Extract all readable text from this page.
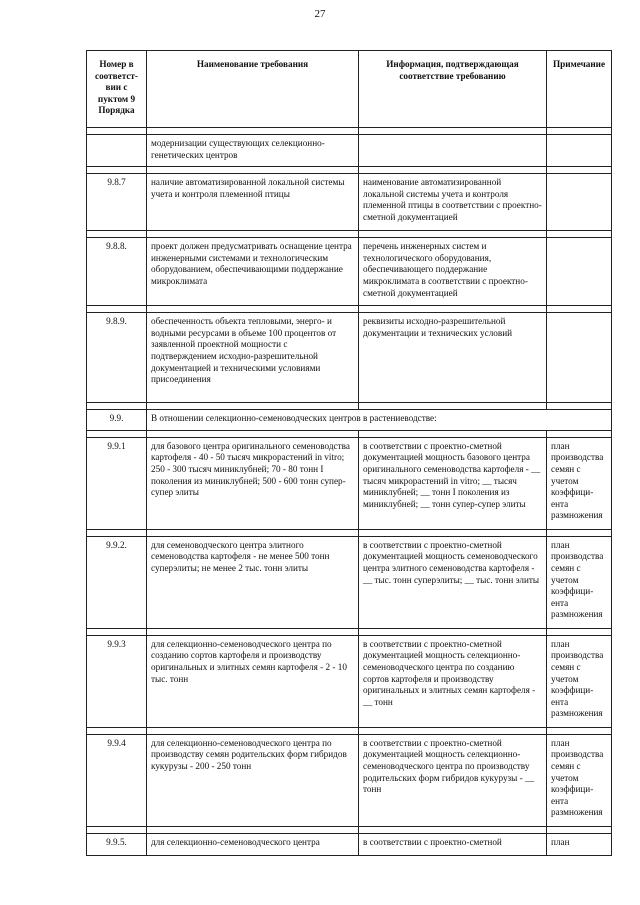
27
Номер в соответст-вии с пуктом 9 Порядка	Наименование требования	Информация, подтверждающая соответствие требованию	Примечание

	модернизации существующих селекционно-генетических центров		

9.8.7	наличие автоматизированной локальной системы учета и контроля племенной птицы	наименование автоматизированной локальной системы учета и контроля племенной птицы в соответствии с проектно-сметной документацией	

9.8.8.	проект должен предусматривать оснащение центра инженерными системами и технологическим оборудованием, обеспечивающими поддержание микроклимата	перечень инженерных систем и технологического оборудования, обеспечивающего поддержание микроклимата в соответствии с проектно-сметной документацией	

9.8.9.	обеспеченность объекта тепловыми, энерго- и водными ресурсами в объеме 100 процентов от заявленной проектной мощности с подтверждением исходно-разрешительной документацией и техническими условиями присоединения	реквизиты исходно-разрешительной документации и технических условий	

9.9.	В отношении селекционно-семеноводческих центров в растениеводстве:		

9.9.1	для базового центра оригинального семеноводства картофеля - 40 - 50 тысяч микрорастений in vitro; 250 - 300 тысяч миниклубней; 70 - 80 тонн I поколения из миниклубней; 500 - 600 тонн супер-супер элиты	в соответствии с проектно-сметной документацией мощность базового центра оригинального семеноводства картофеля - __ тысяч микрорастений in vitro; __ тысяч миниклубней; __ тонн I поколения из миниклубней; __ тонн супер-супер элиты	план производства семян с учетом коэффици-ента размножения

9.9.2.	для семеноводческого центра элитного семеноводства картофеля - не менее 500 тонн суперэлиты; не менее 2 тыс. тонн элиты	в соответствии с проектно-сметной документацией мощность семеноводческого центра элитного семеноводства картофеля - __ тыс. тонн суперэлиты; __ тыс. тонн элиты	план производства семян с учетом коэффици-ента размножения

9.9.3	для селекционно-семеноводческого центра по созданию сортов картофеля и производству оригинальных и элитных семян картофеля - 2 - 10 тыс. тонн	в соответствии с проектно-сметной документацией мощность селекционно-семеноводческого центра по созданию сортов картофеля и производству оригинальных и элитных семян картофеля - __ тонн	план производства семян с учетом коэффици-ента размножения

9.9.4	для селекционно-семеноводческого центра по производству семян родительских форм гибридов кукурузы - 200 - 250 тонн	в соответствии с проектно-сметной документацией мощность селекционно-семеноводческого центра по производству родительских форм гибридов кукурузы - __ тонн	план производства семян с учетом коэффици-ента размножения

9.9.5.	для селекционно-семеноводческого центра	в соответствии с проектно-сметной	план
